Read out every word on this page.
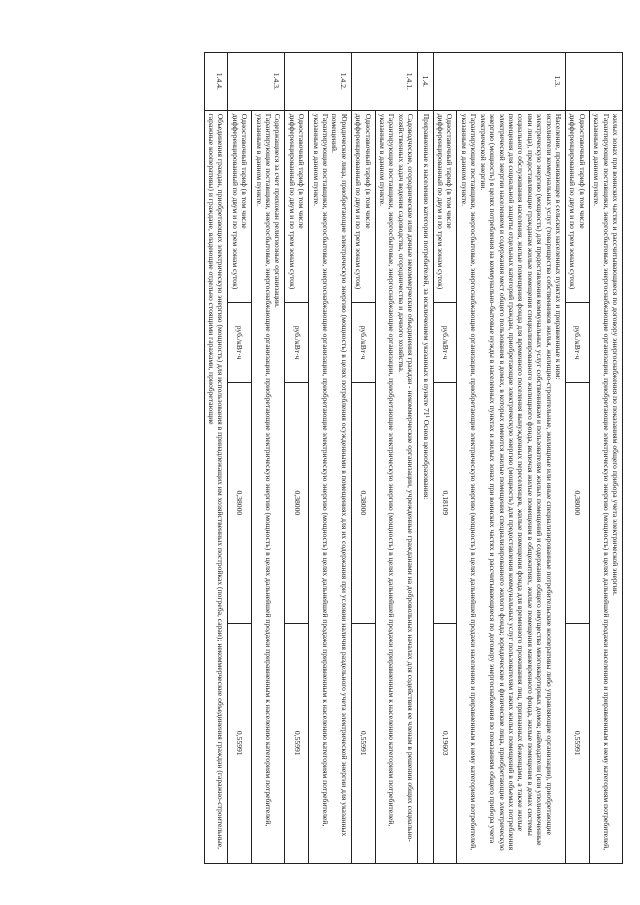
	жилых зонах при воинских частях и рассчитывающиеся по договору энергоснабжения по показаниям общего прибора учета электрической энергии.
Гарантирующие поставщики, энергосбытовые, энергоснабжающие организации, приобретающие электрическую энергию (мощность) в целях дальнейшей продажи населению и приравненным к нему категориям потребителей, указанным в данном пункте.			
	Одноставочный тариф (в том числе дифференцированный по двум и по трем зонам суток)	руб./кВт·ч	0,38000	0,55991
1.3.	Население, проживающее в сельских населенных пунктах и приравненные к ним:
исполнители коммунальных услуг (товарищества собственников жилья, жилищно-строительные, жилищные или иные специализированные потребительские кооперативы либо управляющие организации), приобретающие электрическую энергию (мощность) для предоставления коммунальных услуг собственникам и пользователям жилых помещений и содержания общего имущества многоквартирных домов; наймодатели (или уполномоченные ими лица), предоставляющие гражданам жилые помещения специализированного жилищного фонда, включая жилые помещения в общежитиях, жилые помещения маневренного фонда, жилые помещения в домах системы социального обслуживания населения, жилые помещения фонда для временного поселения вынужденных переселенцев, жилые помещения фонда для временного проживания лиц, признанных беженцами, а также жилые помещения для социальной защиты отдельных категорий граждан, приобретающие электрическую энергию (мощность) для предоставления коммунальных услуг пользователям таких жилых помещений в объемах потребления электрической энергии населением и содержания мест общего пользования в домах, в которых имеются жилые помещения специализированного жилого фонда; юридические и физические лица, приобретающие электрическую энергию (мощность) в целях потребления на коммунально-бытовые нужды в населенных пунктах и жилых зонах при воинских частях и рассчитывающиеся по договору энергоснабжения по показаниям общего прибора учета электрической энергии.
Гарантирующие поставщики, энергосбытовые, энергоснабжающие организации, приобретающие электрическую энергию (мощность) в целях дальнейшей продажи населению и приравненным к нему категориям потребителей, указанным в данном пункте.			
	Одноставочный тариф (в том числе дифференцированный по двум и по трем зонам суток)	руб./кВт·ч	0,18109	0,19603
1.4.	Приравненные к населению категории потребителей, за исключением указанных в пункте 71¹ Основ ценообразования:			
1.4.1.	Садоводческие, огороднические или дачные некоммерческие объединения граждан - некоммерческие организации, учрежденные гражданами на добровольных началах для содействия ее членам в решении общих социально-хозяйственных задач ведения садоводства, огородничества и дачного хозяйства.
Гарантирующие поставщики, энергосбытовые, энергоснабжающие организации, приобретающие электрическую энергию (мощность) в целях дальнейшей продажи приравненным к населению категориям потребителей, указанным в данном пункте.			
	Одноставочный тариф (в том числе дифференцированный по двум и по трем зонам суток)	руб./кВт·ч	0,38000	0,55991
1.4.2.	Юридические лица, приобретающие электрическую энергию (мощность) в целях потребления осужденными в помещениях для их содержания при условии наличия раздельного учета электрической энергии для указанных помещений.
Гарантирующие поставщики, энергосбытовые, энергоснабжающие организации, приобретающие электрическую энергию (мощность) в целях дальнейшей продажи приравненным к населению категориям потребителей, указанным в данном пункте.			
	Одноставочный тариф (в том числе дифференцированный по двум и по трем зонам суток)	руб./кВт·ч	0,38000	0,55991
1.4.3.	Содержащиеся за счет прихожан религиозные организации.
Гарантирующие поставщики, энергосбытовые, энергоснабжающие организации, приобретающие электрическую энергию (мощность) в целях дальнейшей продажи приравненным к населению категориям потребителей, указанным в данном пункте.			
	Одноставочный тариф (в том числе дифференцированный по двум и по трем зонам суток)	руб./кВт·ч	0,38000	0,55991
1.4.4.	Объединения граждан, приобретающих электрическую энергию (мощность) для использования в принадлежащих им хозяйственных постройках (погреба, сараи); некоммерческие объединения граждан (гаражно-строительные, гаражные кооперативы) и граждане, владеющие отдельно стоящими гаражами, приобретающие			
